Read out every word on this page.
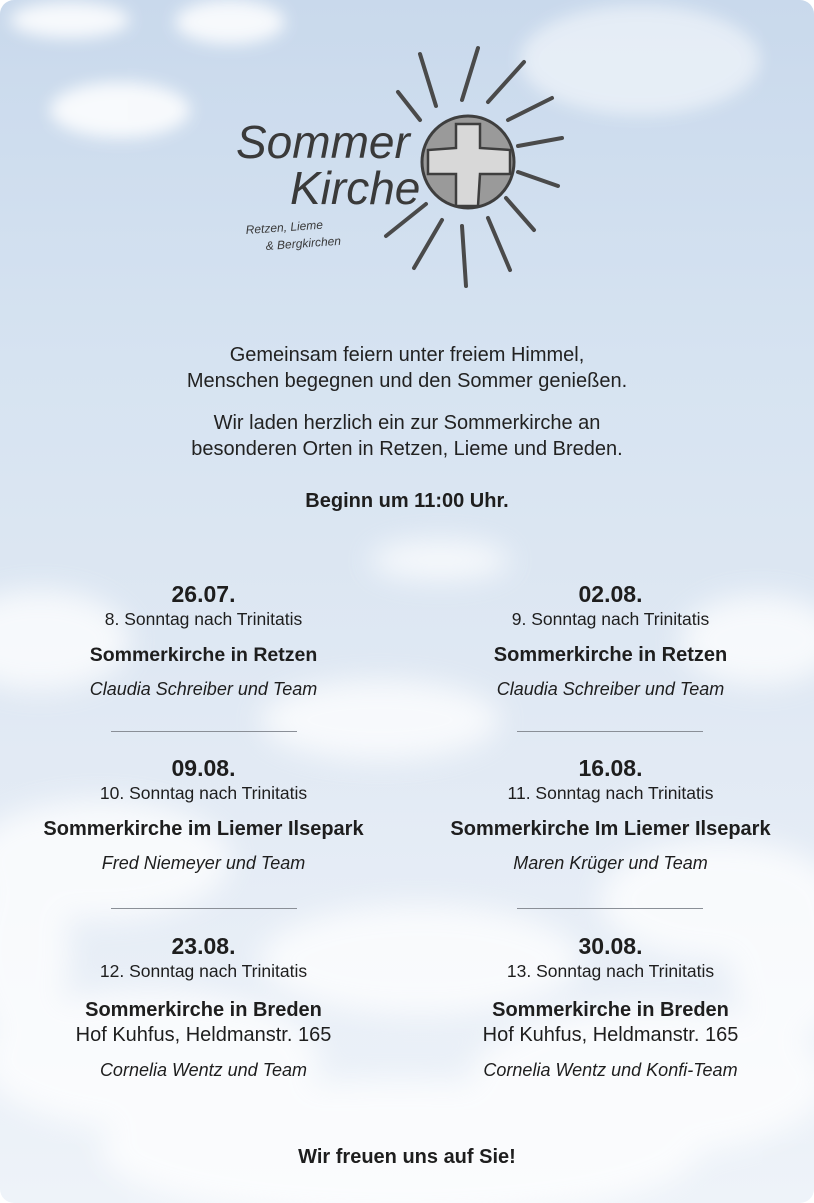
Sommer
Kirche
Retzen, Lieme
& Bergkirchen

Gemeinsam feiern unter freiem Himmel,

Menschen begegnen und den Sommer genießen.

Wir laden herzlich ein zur Sommerkirche an

besonderen Orten in Retzen, Lieme und Breden.

Beginn um 11:00 Uhr.
26.07.
8. Sonntag nach Trinitatis
Sommerkirche in Retzen
Claudia Schreiber und Team
02.08.
9. Sonntag nach Trinitatis
Sommerkirche in Retzen
Claudia Schreiber und Team
09.08.
10. Sonntag nach Trinitatis
Sommerkirche im Liemer Ilsepark
Fred Niemeyer und Team
16.08.
11. Sonntag nach Trinitatis
Sommerkirche Im Liemer Ilsepark
Maren Krüger und Team
23.08.
12. Sonntag nach Trinitatis
Sommerkirche in Breden
Hof Kuhfus, Heldmanstr. 165
Cornelia Wentz und Team
30.08.
13. Sonntag nach Trinitatis
Sommerkirche in Breden
Hof Kuhfus, Heldmanstr. 165
Cornelia Wentz und Konfi-Team
Wir freuen uns auf Sie!
